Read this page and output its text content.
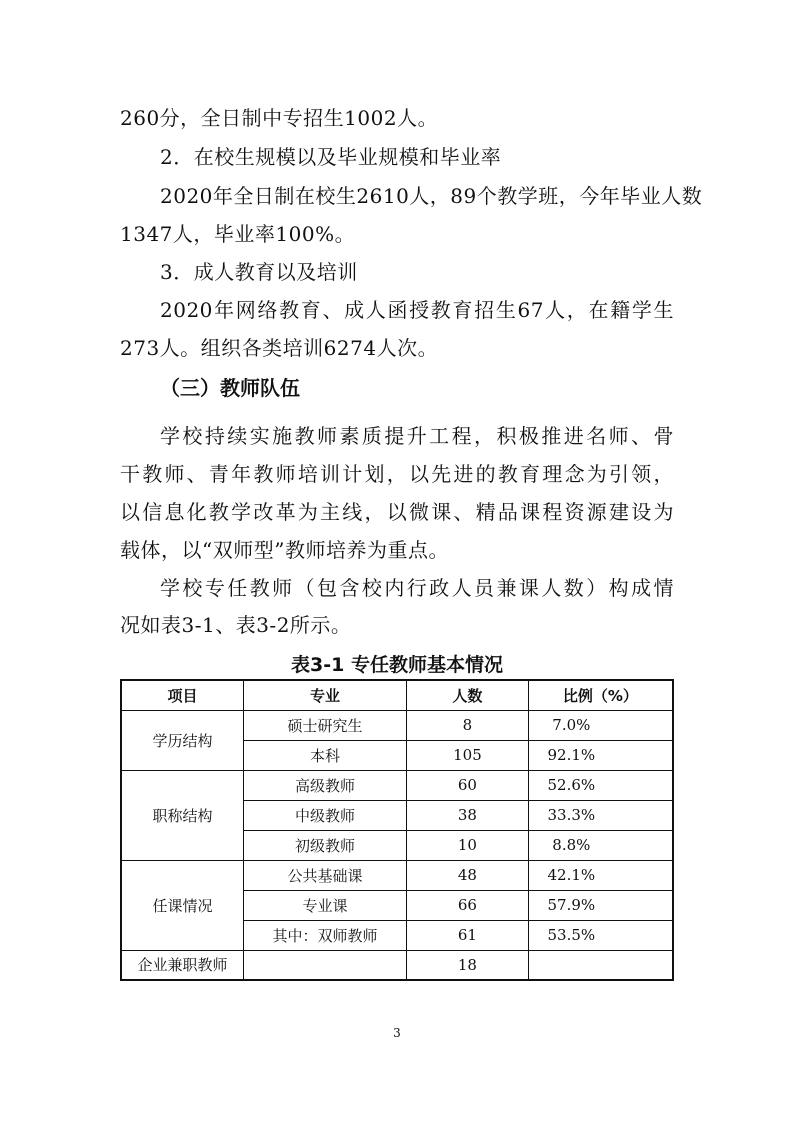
260分，全日制中专招生1002人。
2．在校生规模以及毕业规模和毕业率
2020年全日制在校生2610人，89个教学班，今年毕业人数
1347人，毕业率100%。
3．成人教育以及培训
2020年网络教育、成人函授教育招生67人，在籍学生
273人。组织各类培训6274人次。
（三）教师队伍
学校持续实施教师素质提升工程，积极推进名师、骨
干教师、青年教师培训计划，以先进的教育理念为引领，
以信息化教学改革为主线，以微课、精品课程资源建设为
载体，以“双师型”教师培养为重点。
学校专任教师（包含校内行政人员兼课人数）构成情
况如表3-1、表3-2所示。
表3-1 专任教师基本情况
项目	专业	人数	比例（%）
学历结构	硕士研究生	8	7.0%
	本科	105	92.1%
职称结构	高级教师	60	52.6%
	中级教师	38	33.3%
	初级教师	10	8.8%
任课情况	公共基础课	48	42.1%
	专业课	66	57.9%
	其中：双师教师	61	53.5%
企业兼职教师		18	
3
